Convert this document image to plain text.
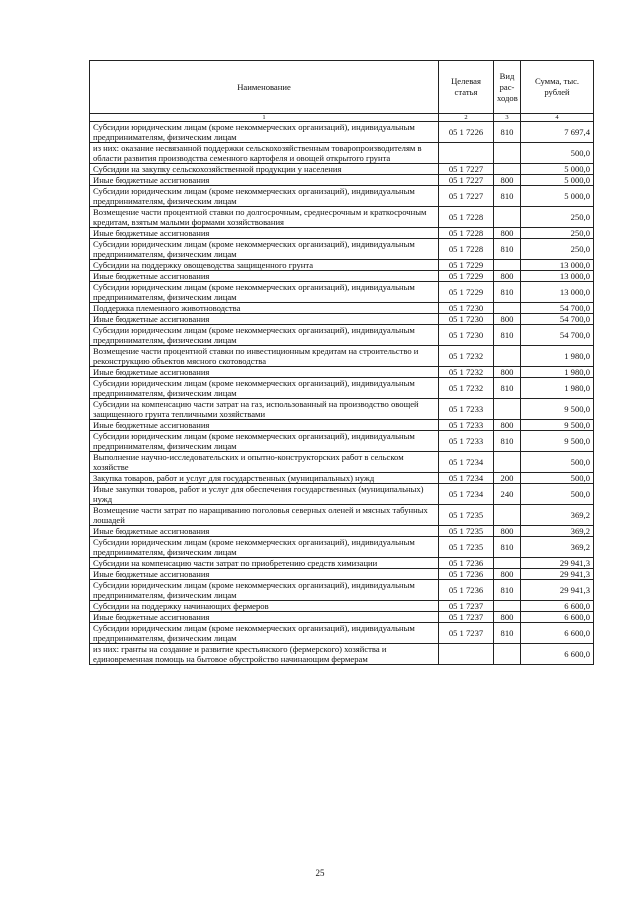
Наименование	Целевая статья	Вид рас-ходов	Сумма, тыс. рублей
1	2	3	4
Субсидии юридическим лицам (кроме некоммерческих организаций), индивидуальным предпринимателям, физическим лицам	05 1 7226	810	7 697,4
из них: оказание несвязанной поддержки сельскохозяйственным товаропроизводителям в области развития производства семенного картофеля и овощей открытого грунта			500,0
Субсидии на закупку сельскохозяйственной продукции у населения	05 1 7227		5 000,0
Иные бюджетные ассигнования	05 1 7227	800	5 000,0
Субсидии юридическим лицам (кроме некоммерческих организаций), индивидуальным предпринимателям, физическим лицам	05 1 7227	810	5 000,0
Возмещение части процентной ставки по долгосрочным, среднесрочным и краткосрочным кредитам, взятым малыми формами хозяйствования	05 1 7228		250,0
Иные бюджетные ассигнования	05 1 7228	800	250,0
Субсидии юридическим лицам (кроме некоммерческих организаций), индивидуальным предпринимателям, физическим лицам	05 1 7228	810	250,0
Субсидии на поддержку овощеводства защищенного грунта	05 1 7229		13 000,0
Иные бюджетные ассигнования	05 1 7229	800	13 000,0
Субсидии юридическим лицам (кроме некоммерческих организаций), индивидуальным предпринимателям, физическим лицам	05 1 7229	810	13 000,0
Поддержка племенного животноводства	05 1 7230		54 700,0
Иные бюджетные ассигнования	05 1 7230	800	54 700,0
Субсидии юридическим лицам (кроме некоммерческих организаций), индивидуальным предпринимателям, физическим лицам	05 1 7230	810	54 700,0
Возмещение части процентной ставки по инвестиционным кредитам на строительство и реконструкцию объектов мясного скотоводства	05 1 7232		1 980,0
Иные бюджетные ассигнования	05 1 7232	800	1 980,0
Субсидии юридическим лицам (кроме некоммерческих организаций), индивидуальным предпринимателям, физическим лицам	05 1 7232	810	1 980,0
Субсидии на компенсацию части затрат на газ, использованный на производство овощей защищенного грунта тепличными хозяйствами	05 1 7233		9 500,0
Иные бюджетные ассигнования	05 1 7233	800	9 500,0
Субсидии юридическим лицам (кроме некоммерческих организаций), индивидуальным предпринимателям, физическим лицам	05 1 7233	810	9 500,0
Выполнение научно-исследовательских и опытно-конструкторских работ в сельском хозяйстве	05 1 7234		500,0
Закупка товаров, работ и услуг для государственных (муниципальных) нужд	05 1 7234	200	500,0
Иные закупки товаров, работ и услуг для обеспечения государственных (муниципальных) нужд	05 1 7234	240	500,0
Возмещение части затрат по наращиванию поголовья северных оленей и мясных табунных лошадей	05 1 7235		369,2
Иные бюджетные ассигнования	05 1 7235	800	369,2
Субсидии юридическим лицам (кроме некоммерческих организаций), индивидуальным предпринимателям, физическим лицам	05 1 7235	810	369,2
Субсидии на компенсацию части затрат по приобретению средств химизации	05 1 7236		29 941,3
Иные бюджетные ассигнования	05 1 7236	800	29 941,3
Субсидии юридическим лицам (кроме некоммерческих организаций), индивидуальным предпринимателям, физическим лицам	05 1 7236	810	29 941,3
Субсидии на поддержку начинающих фермеров	05 1 7237		6 600,0
Иные бюджетные ассигнования	05 1 7237	800	6 600,0
Субсидии юридическим лицам (кроме некоммерческих организаций), индивидуальным предпринимателям, физическим лицам	05 1 7237	810	6 600,0
из них: гранты на создание и развитие крестьянского (фермерского) хозяйства и единовременная помощь на бытовое обустройство начинающим фермерам			6 600,0
25
